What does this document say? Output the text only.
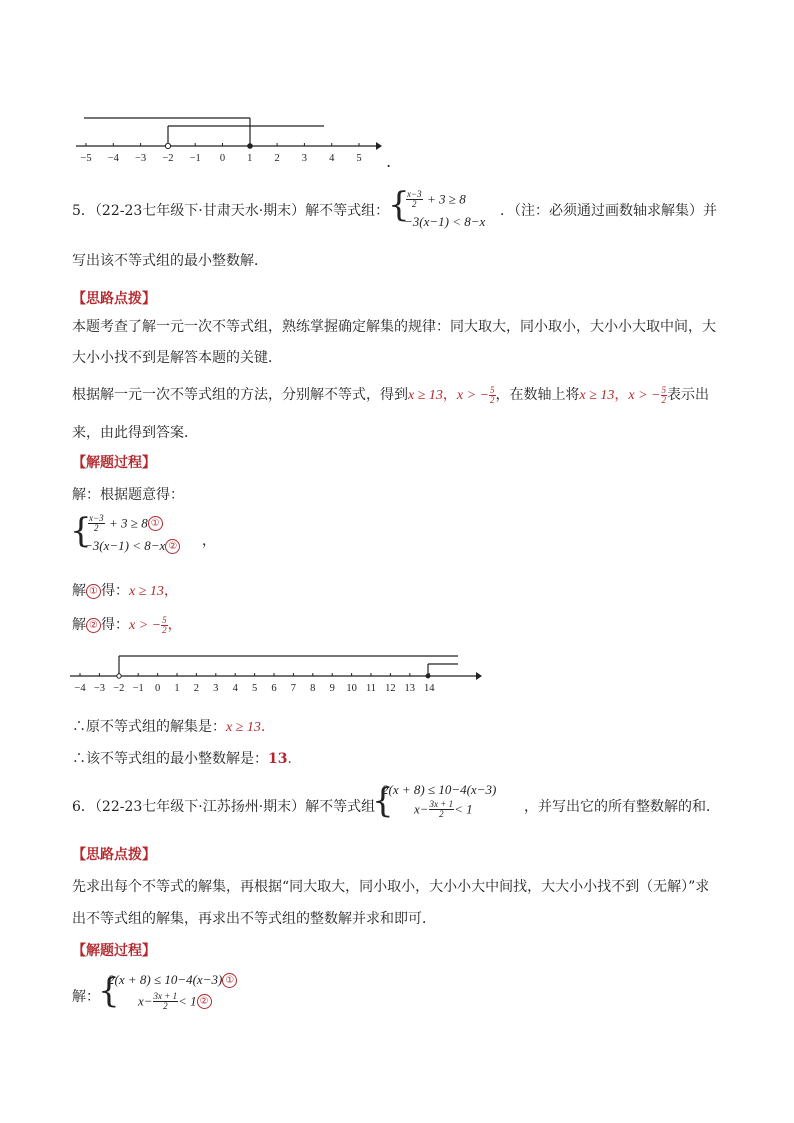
−5 −4 −3 −2 −1 0 1 2 3 4 5 .
5．（22-23七年级下·甘肃天水·期末）解不等式组：
{
$\frac{x-3}{2} + 3 \ge 8$
−3(x−1) < 8−x
．（注：必须通过画数轴求解集）并
写出该不等式组的最小整数解．
【思路点拨】
本题考查了解一元一次不等式组，熟练掌握确定解集的规律：同大取大，同小取小，大小小大取中间，大
大小小找不到是解答本题的关键．
根据解一元一次不等式组的方法，分别解不等式，得到x ≥ 13，x > − $\frac{5}{2}$ ，在数轴上将x ≥ 13，x > − $\frac{5}{2}$ 表示出
来，由此得到答案．
【解题过程】
解：根据题意得：
{
$\frac{x-3}{2} + 3 \ge 8$ ①
−3(x−1) < 8−x ② ，
解 ① 得：x ≥ 13，
解 ② 得：x > − $\frac{5}{2}$ ，
−4 −3 −2 −1 0 1 2 3 4 5 6 7 8 9 10 11 12 13 14
∴原不等式组的解集是：x ≥ 13．
∴该不等式组的最小整数解是：13．
6．（22-23七年级下·江苏扬州·期末）解不等式组
{
2(x + 8) ≤ 10−4(x−3)
$x- \frac{3x + 1}{2} < 1$	，并写出它的所有整数解的和．
【思路点拨】
先求出每个不等式的解集，再根据“同大取大，同小取小，大小小大中间找，大大小小找不到（无解）”求
出不等式组的解集，再求出不等式组的整数解并求和即可．
【解题过程】
解：
{
2(x + 8) ≤ 10−4(x−3) ①
$x- \frac{3x + 1}{2} < 1$ ②
